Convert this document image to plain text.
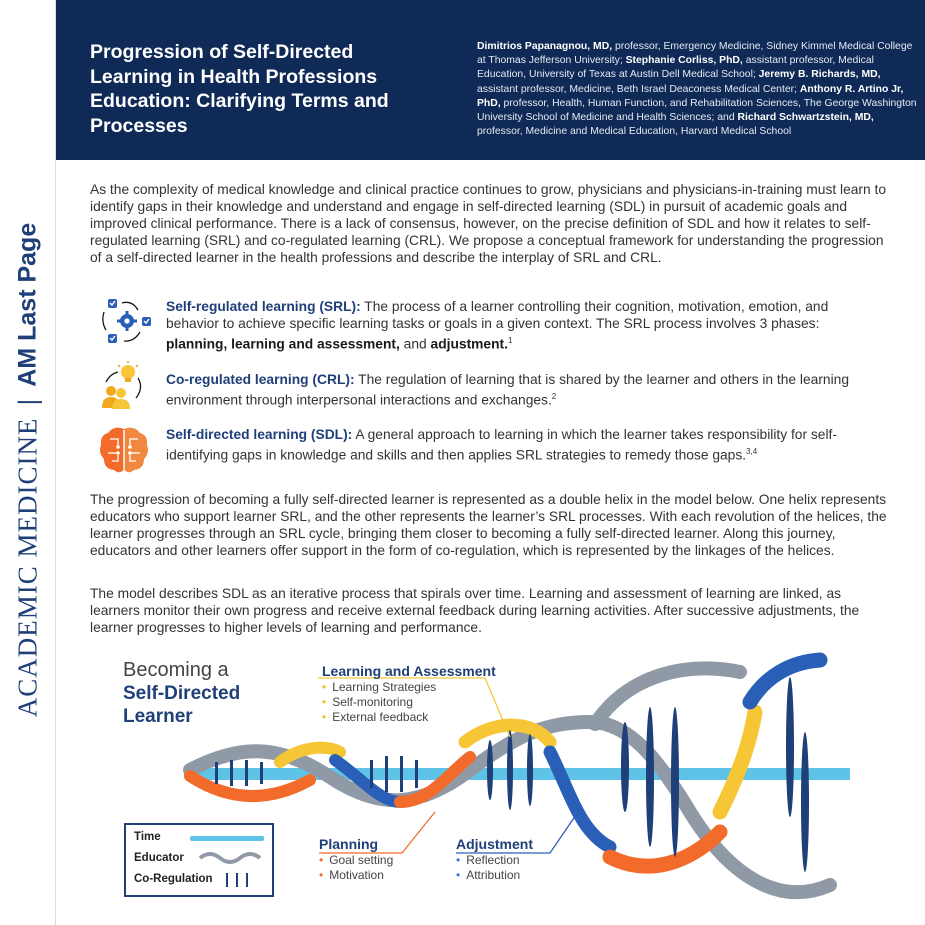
ACADEMIC MEDICINE
|
AM Last Page
Progression of Self-Directed Learning in Health Professions Education: Clarifying Terms and Processes
Dimitrios Papanagnou, MD, professor, Emergency Medicine, Sidney Kimmel Medical College at Thomas Jefferson University; Stephanie Corliss, PhD, assistant professor, Medical Education, University of Texas at Austin Dell Medical School; Jeremy B. Richards, MD, assistant professor, Medicine, Beth Israel Deaconess Medical Center; Anthony R. Artino Jr, PhD, professor, Health, Human Function, and Rehabilitation Sciences, The George Washington University School of Medicine and Health Sciences; and Richard Schwartzstein, MD, professor, Medicine and Medical Education, Harvard Medical School

As the complexity of medical knowledge and clinical practice continues to grow, physicians and physicians-in-training must learn to identify gaps in their knowledge and understand and engage in self-directed learning (SDL) in pursuit of academic goals and improved clinical performance. There is a lack of consensus, however, on the precise definition of SDL and how it relates to self-regulated learning (SRL) and co-regulated learning (CRL). We propose a conceptual framework for understanding the progression of a self-directed learner in the health professions and describe the interplay of SRL and CRL.

Self-regulated learning (SRL): The process of a learner controlling their cognition, motivation, emotion, and behavior to achieve specific learning tasks or goals in a given context. The SRL process involves 3 phases: planning, learning and assessment, and adjustment.$^1$

Co-regulated learning (CRL): The regulation of learning that is shared by the learner and others in the learning environment through interpersonal interactions and exchanges.$^2$

Self-directed learning (SDL): A general approach to learning in which the learner takes responsibility for self-identifying gaps in knowledge and skills and then applies SRL strategies to remedy those gaps.$^{3,4}$

The progression of becoming a fully self-directed learner is represented as a double helix in the model below. One helix represents educators who support learner SRL, and the other represents the learner’s SRL processes. With each revolution of the helices, the learner progresses through an SRL cycle, bringing them closer to becoming a fully self-directed learner. Along this journey, educators and other learners offer support in the form of co-regulation, which is represented by the linkages of the helices.

The model describes SDL as an iterative process that spirals over time. Learning and assessment of learning are linked, as learners monitor their own progress and receive external feedback during learning activities. After successive adjustments, the learner progresses to higher levels of learning and performance.

Becoming a
Self-Directed
Learner
Learning and Assessment
• Learning Strategies
• Self-monitoring
• External feedback
Planning
• Goal setting
• Motivation
Adjustment
• Reflection
• Attribution
Time
Educator
Co-Regulation
